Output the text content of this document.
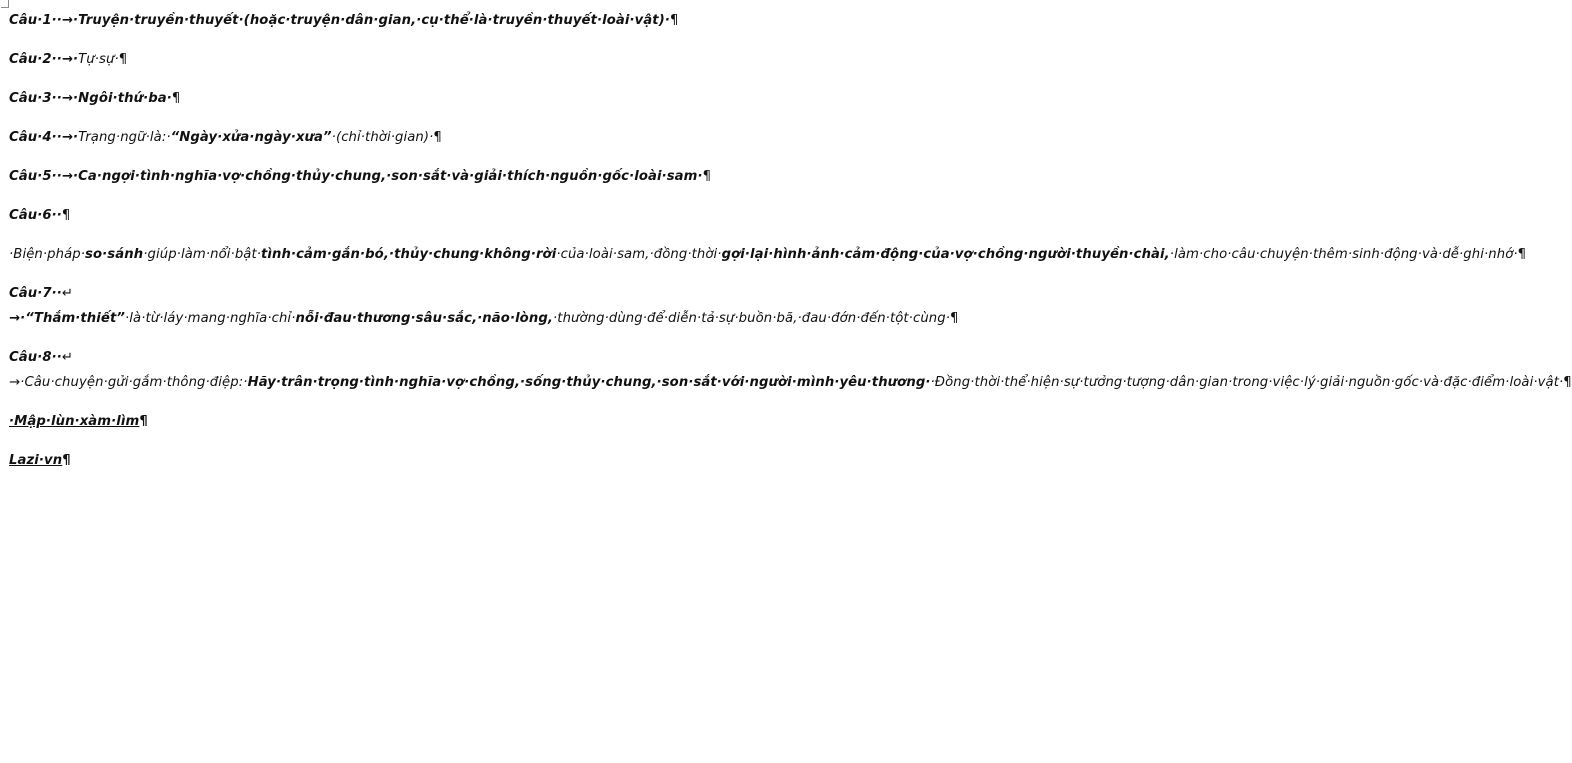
Câu·1··→·Truyện·truyền·thuyết·(hoặc·truyện·dân·gian,·cụ·thể·là·truyền·thuyết·loài·vật)·¶

Câu·2··→·Tự·sự·¶

Câu·3··→·Ngôi·thứ·ba·¶

Câu·4··→·Trạng·ngữ·là:·“Ngày·xửa·ngày·xưa”·(chỉ·thời·gian)·¶

Câu·5··→·Ca·ngợi·tình·nghĩa·vợ·chồng·thủy·chung,·son·sắt·và·giải·thích·nguồn·gốc·loài·sam·¶

Câu·6··¶

·Biện·pháp·so·sánh·giúp·làm·nổi·bật·tình·cảm·gắn·bó,·thủy·chung·không·rời·của·loài·sam,·đồng·thời·gợi·lại·hình·ảnh·cảm·động·của·vợ·chồng·người·thuyền·chài,·làm·cho·câu·chuyện·thêm·sinh·động·và·dễ·ghi·nhớ·¶

Câu·7··↵

→·“Thắm·thiết”·là·từ·láy·mang·nghĩa·chỉ·nỗi·đau·thương·sâu·sắc,·não·lòng,·thường·dùng·để·diễn·tả·sự·buồn·bã,·đau·đớn·đến·tột·cùng·¶

Câu·8··↵

→·Câu·chuyện·gửi·gắm·thông·điệp:·Hãy·trân·trọng·tình·nghĩa·vợ·chồng,·sống·thủy·chung,·son·sắt·với·người·mình·yêu·thương··Đồng·thời·thể·hiện·sự·tưởng·tượng·dân·gian·trong·việc·lý·giải·nguồn·gốc·và·đặc·điểm·loài·vật·¶

·Mập·lùn·xàm·lìm¶

Lazi·vn¶
